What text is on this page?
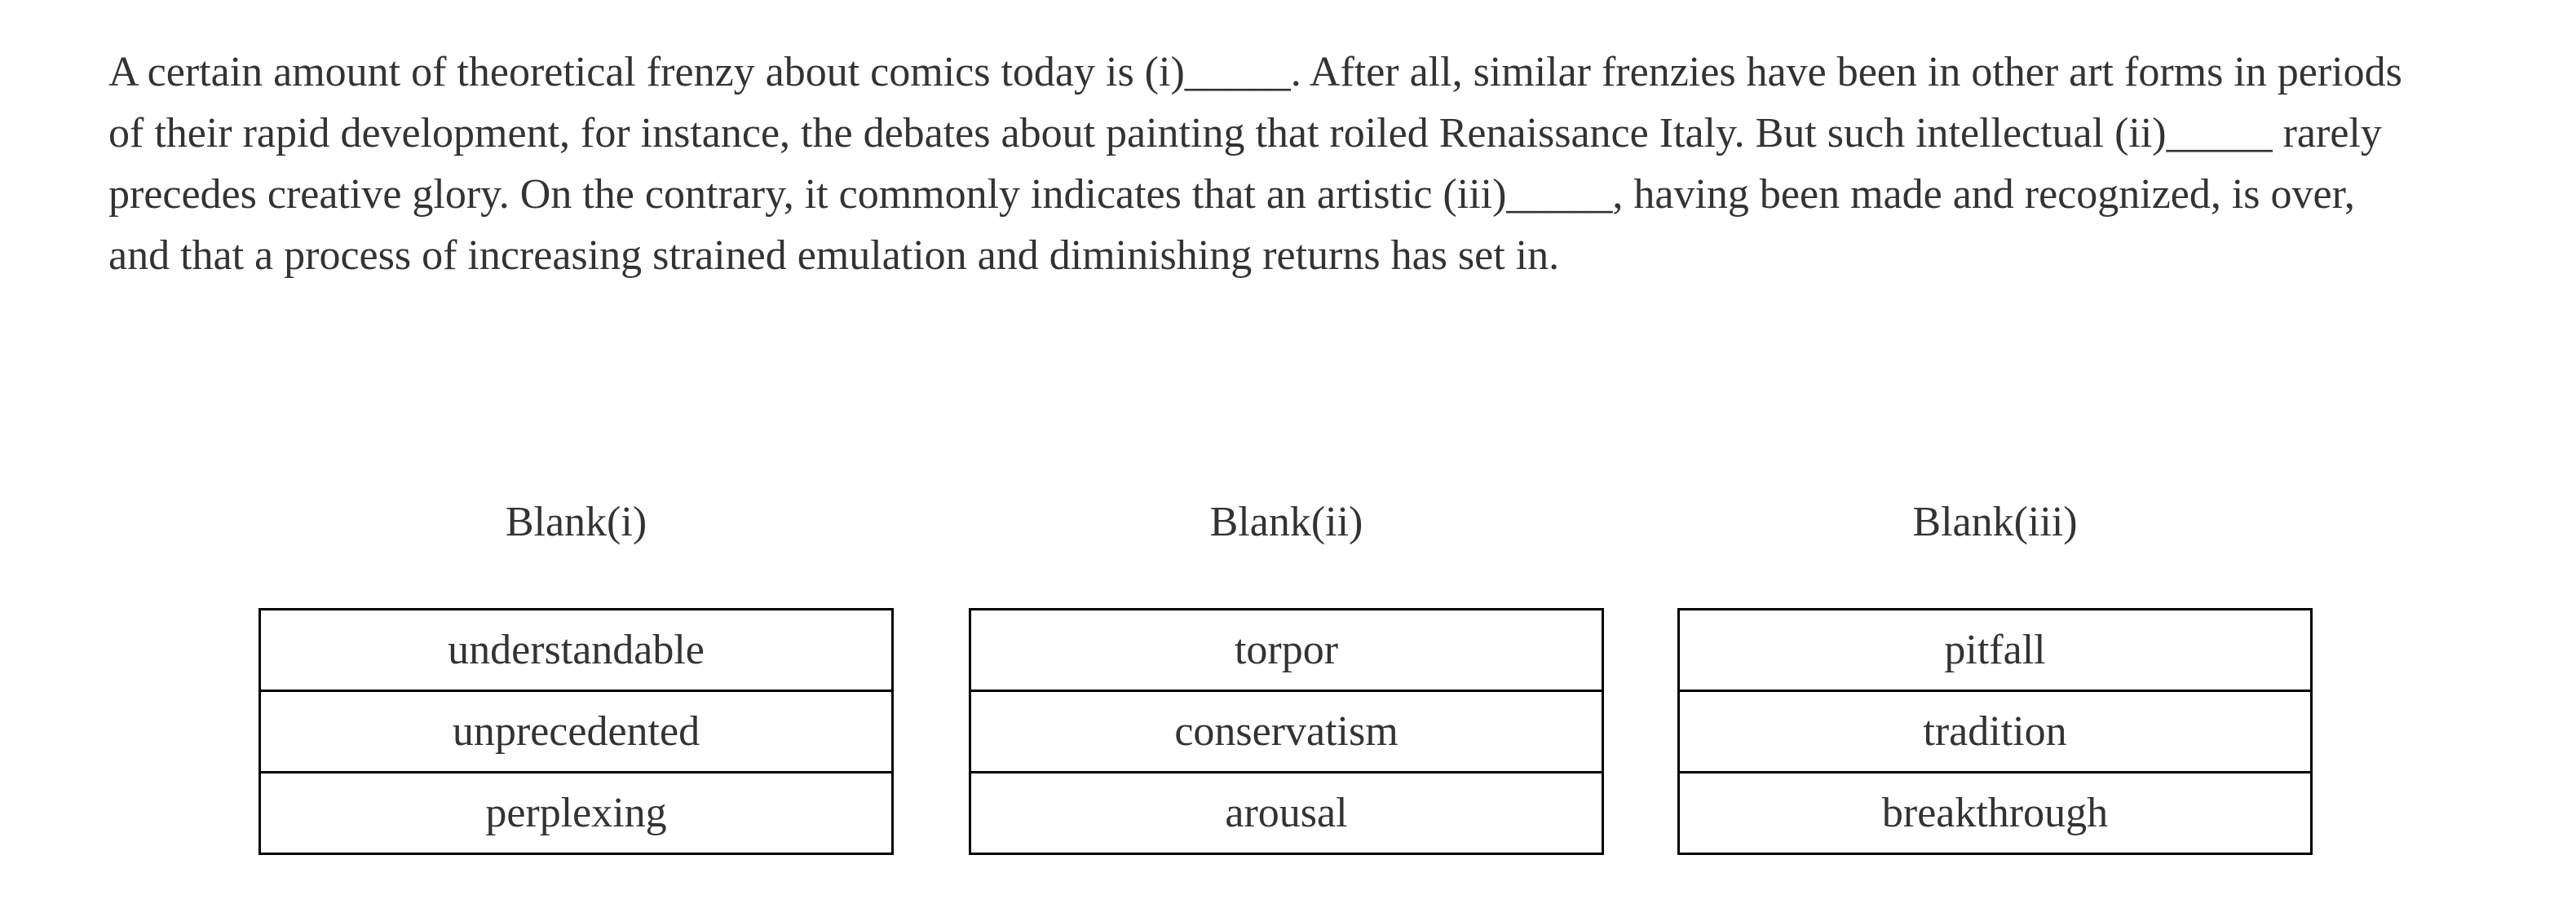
A certain amount of theoretical frenzy about comics today is (i)_____. After all, similar frenzies have been in other art forms in periods
of their rapid development, for instance, the debates about painting that roiled Renaissance Italy. But such intellectual (ii)_____ rarely
precedes creative glory. On the contrary, it commonly indicates that an artistic (iii)_____, having been made and recognized, is over,
and that a process of increasing strained emulation and diminishing returns has set in.

Blank(i)
understandable
unprecedented
perplexing
Blank(ii)
torpor
conservatism
arousal
Blank(iii)
pitfall
tradition
breakthrough
